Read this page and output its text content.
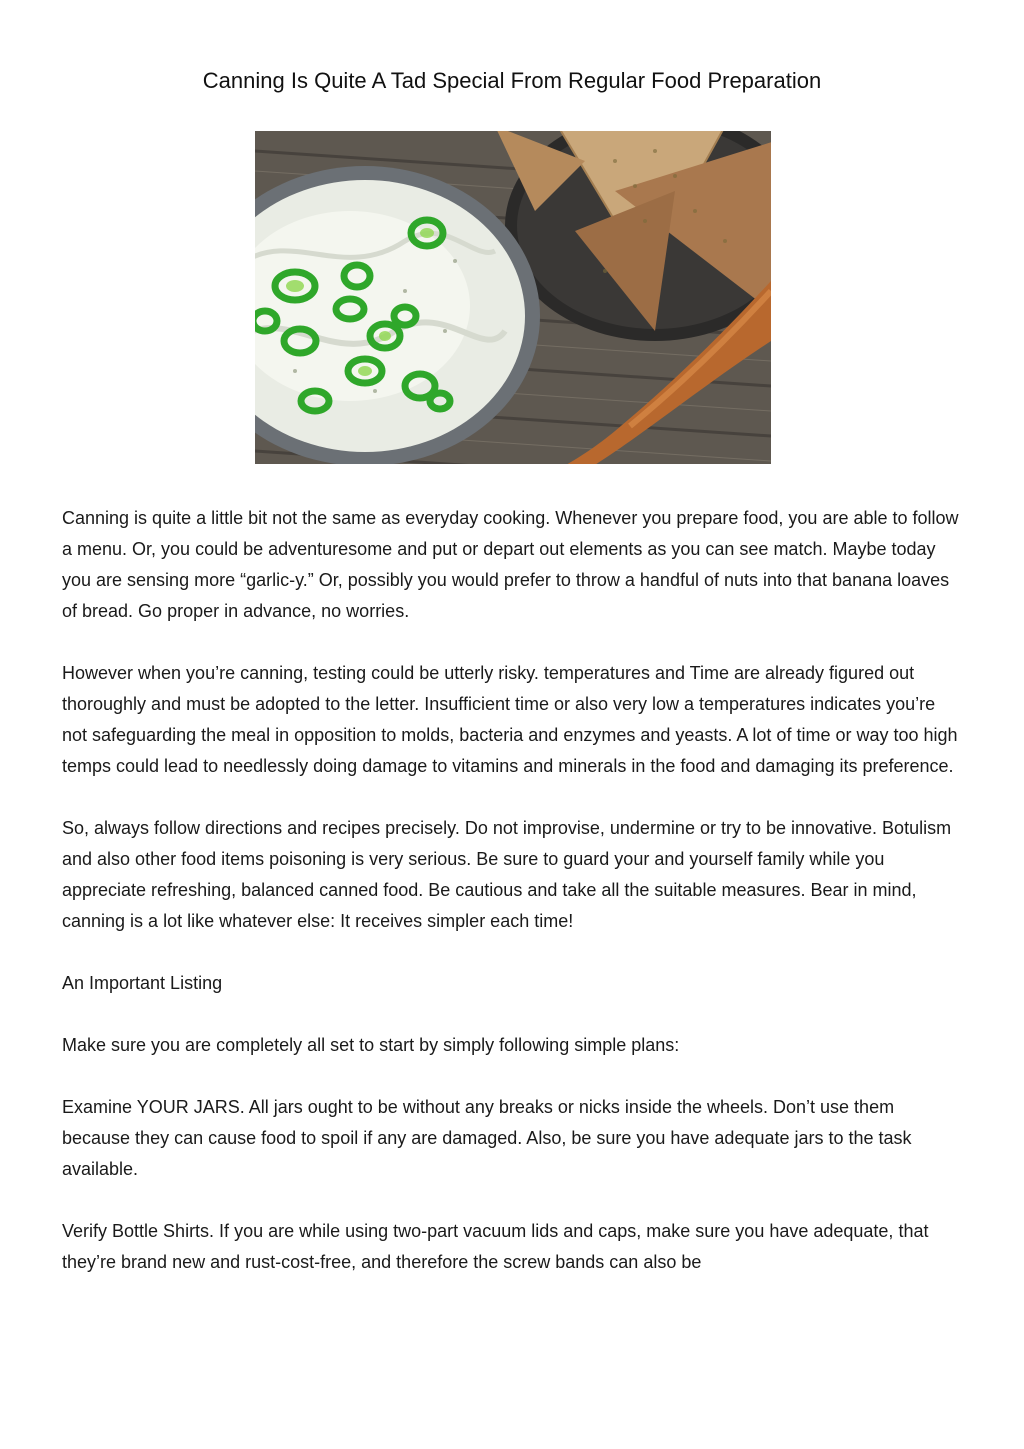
Canning Is Quite A Tad Special From Regular Food Preparation

Canning is quite a little bit not the same as everyday cooking. Whenever you prepare food, you are able to follow a menu. Or, you could be adventuresome and put or depart out elements as you can see match. Maybe today you are sensing more “garlic-y.” Or, possibly you would prefer to throw a handful of nuts into that banana loaves of bread. Go proper in advance, no worries.

However when you’re canning, testing could be utterly risky. temperatures and Time are already figured out thoroughly and must be adopted to the letter. Insufficient time or also very low a temperatures indicates you’re not safeguarding the meal in opposition to molds, bacteria and enzymes and yeasts. A lot of time or way too high temps could lead to needlessly doing damage to vitamins and minerals in the food and damaging its preference.

So, always follow directions and recipes precisely. Do not improvise, undermine or try to be innovative. Botulism and also other food items poisoning is very serious. Be sure to guard your and yourself family while you appreciate refreshing, balanced canned food. Be cautious and take all the suitable measures. Bear in mind, canning is a lot like whatever else: It receives simpler each time!

An Important Listing

Make sure you are completely all set to start by simply following simple plans:

Examine YOUR JARS. All jars ought to be without any breaks or nicks inside the wheels. Don’t use them because they can cause food to spoil if any are damaged. Also, be sure you have adequate jars to the task available.

Verify Bottle Shirts. If you are while using two-part vacuum lids and caps, make sure you have adequate, that they’re brand new and rust-cost-free, and therefore the screw bands can also be
